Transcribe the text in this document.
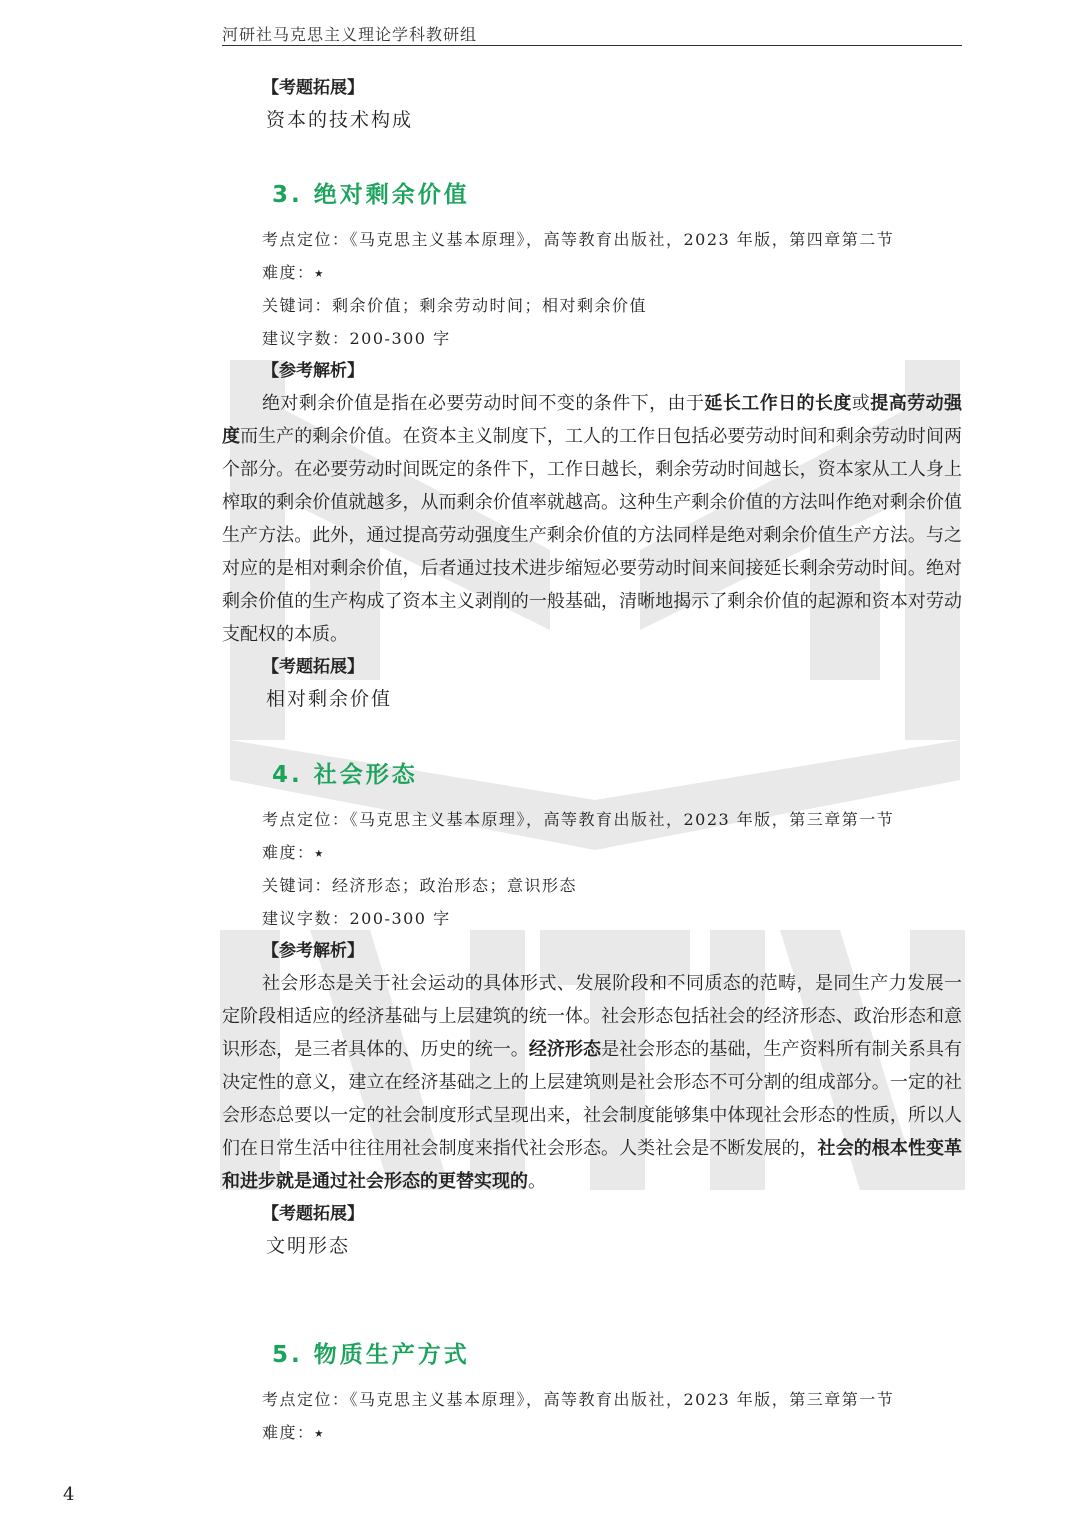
河研社马克思主义理论学科教研组
【考题拓展】
资本的技术构成
3. 绝对剩余价值
考点定位：《马克思主义基本原理》，高等教育出版社，2023 年版，第四章第二节
难度：⭑
关键词：剩余价值；剩余劳动时间；相对剩余价值
建议字数：200-300 字
【参考解析】

绝对剩余价值是指在必要劳动时间不变的条件下，由于延长工作日的长度或提高劳动强度而生产的剩余价值。在资本主义制度下，工人的工作日包括必要劳动时间和剩余劳动时间两个部分。在必要劳动时间既定的条件下，工作日越长，剩余劳动时间越长，资本家从工人身上榨取的剩余价值就越多，从而剩余价值率就越高。这种生产剩余价值的方法叫作绝对剩余价值生产方法。此外，通过提高劳动强度生产剩余价值的方法同样是绝对剩余价值生产方法。与之对应的是相对剩余价值，后者通过技术进步缩短必要劳动时间来间接延长剩余劳动时间。绝对剩余价值的生产构成了资本主义剥削的一般基础，清晰地揭示了剩余价值的起源和资本对劳动支配权的本质。

【考题拓展】
相对剩余价值
4. 社会形态
考点定位：《马克思主义基本原理》，高等教育出版社，2023 年版，第三章第一节
难度：⭑
关键词：经济形态；政治形态；意识形态
建议字数：200-300 字
【参考解析】

社会形态是关于社会运动的具体形式、发展阶段和不同质态的范畴，是同生产力发展一定阶段相适应的经济基础与上层建筑的统一体。社会形态包括社会的经济形态、政治形态和意识形态，是三者具体的、历史的统一。经济形态是社会形态的基础，生产资料所有制关系具有决定性的意义，建立在经济基础之上的上层建筑则是社会形态不可分割的组成部分。一定的社会形态总要以一定的社会制度形式呈现出来，社会制度能够集中体现社会形态的性质，所以人们在日常生活中往往用社会制度来指代社会形态。人类社会是不断发展的，社会的根本性变革和进步就是通过社会形态的更替实现的。

【考题拓展】
文明形态
5. 物质生产方式
考点定位：《马克思主义基本原理》，高等教育出版社，2023 年版，第三章第一节
难度：⭑
4
